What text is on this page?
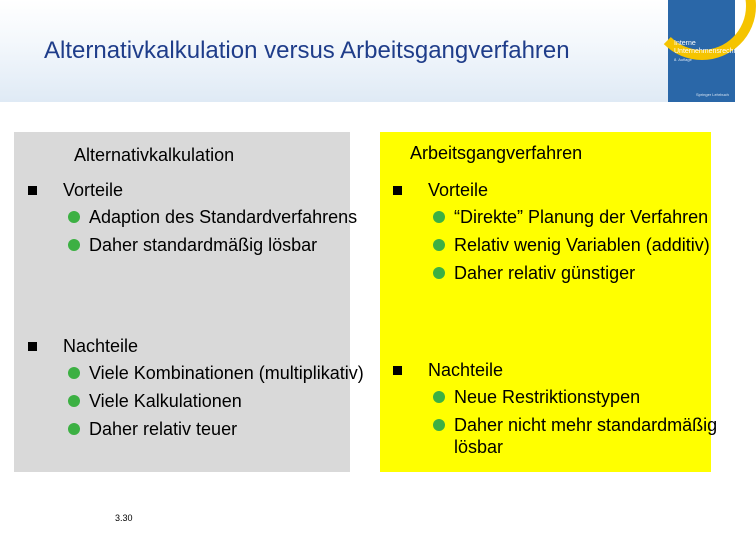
Alternativkalkulation versus Arbeitsgangverfahren	Interne Unternehmensrechnung
8. Auflage
Springer Lehrbuch
Alternativkalkulation
Vorteile
Adaption des Standardverfahrens
Daher standardmäßig lösbar
Nachteile
Viele Kombinationen (multiplikativ)
Viele Kalkulationen
Daher relativ teuer
Arbeitsgangverfahren
Vorteile
“Direkte” Planung der Verfahren
Relativ wenig Variablen (additiv)
Daher relativ günstiger
Nachteile
Neue Restriktionstypen
Daher nicht mehr standardmäßig lösbar
3.30
